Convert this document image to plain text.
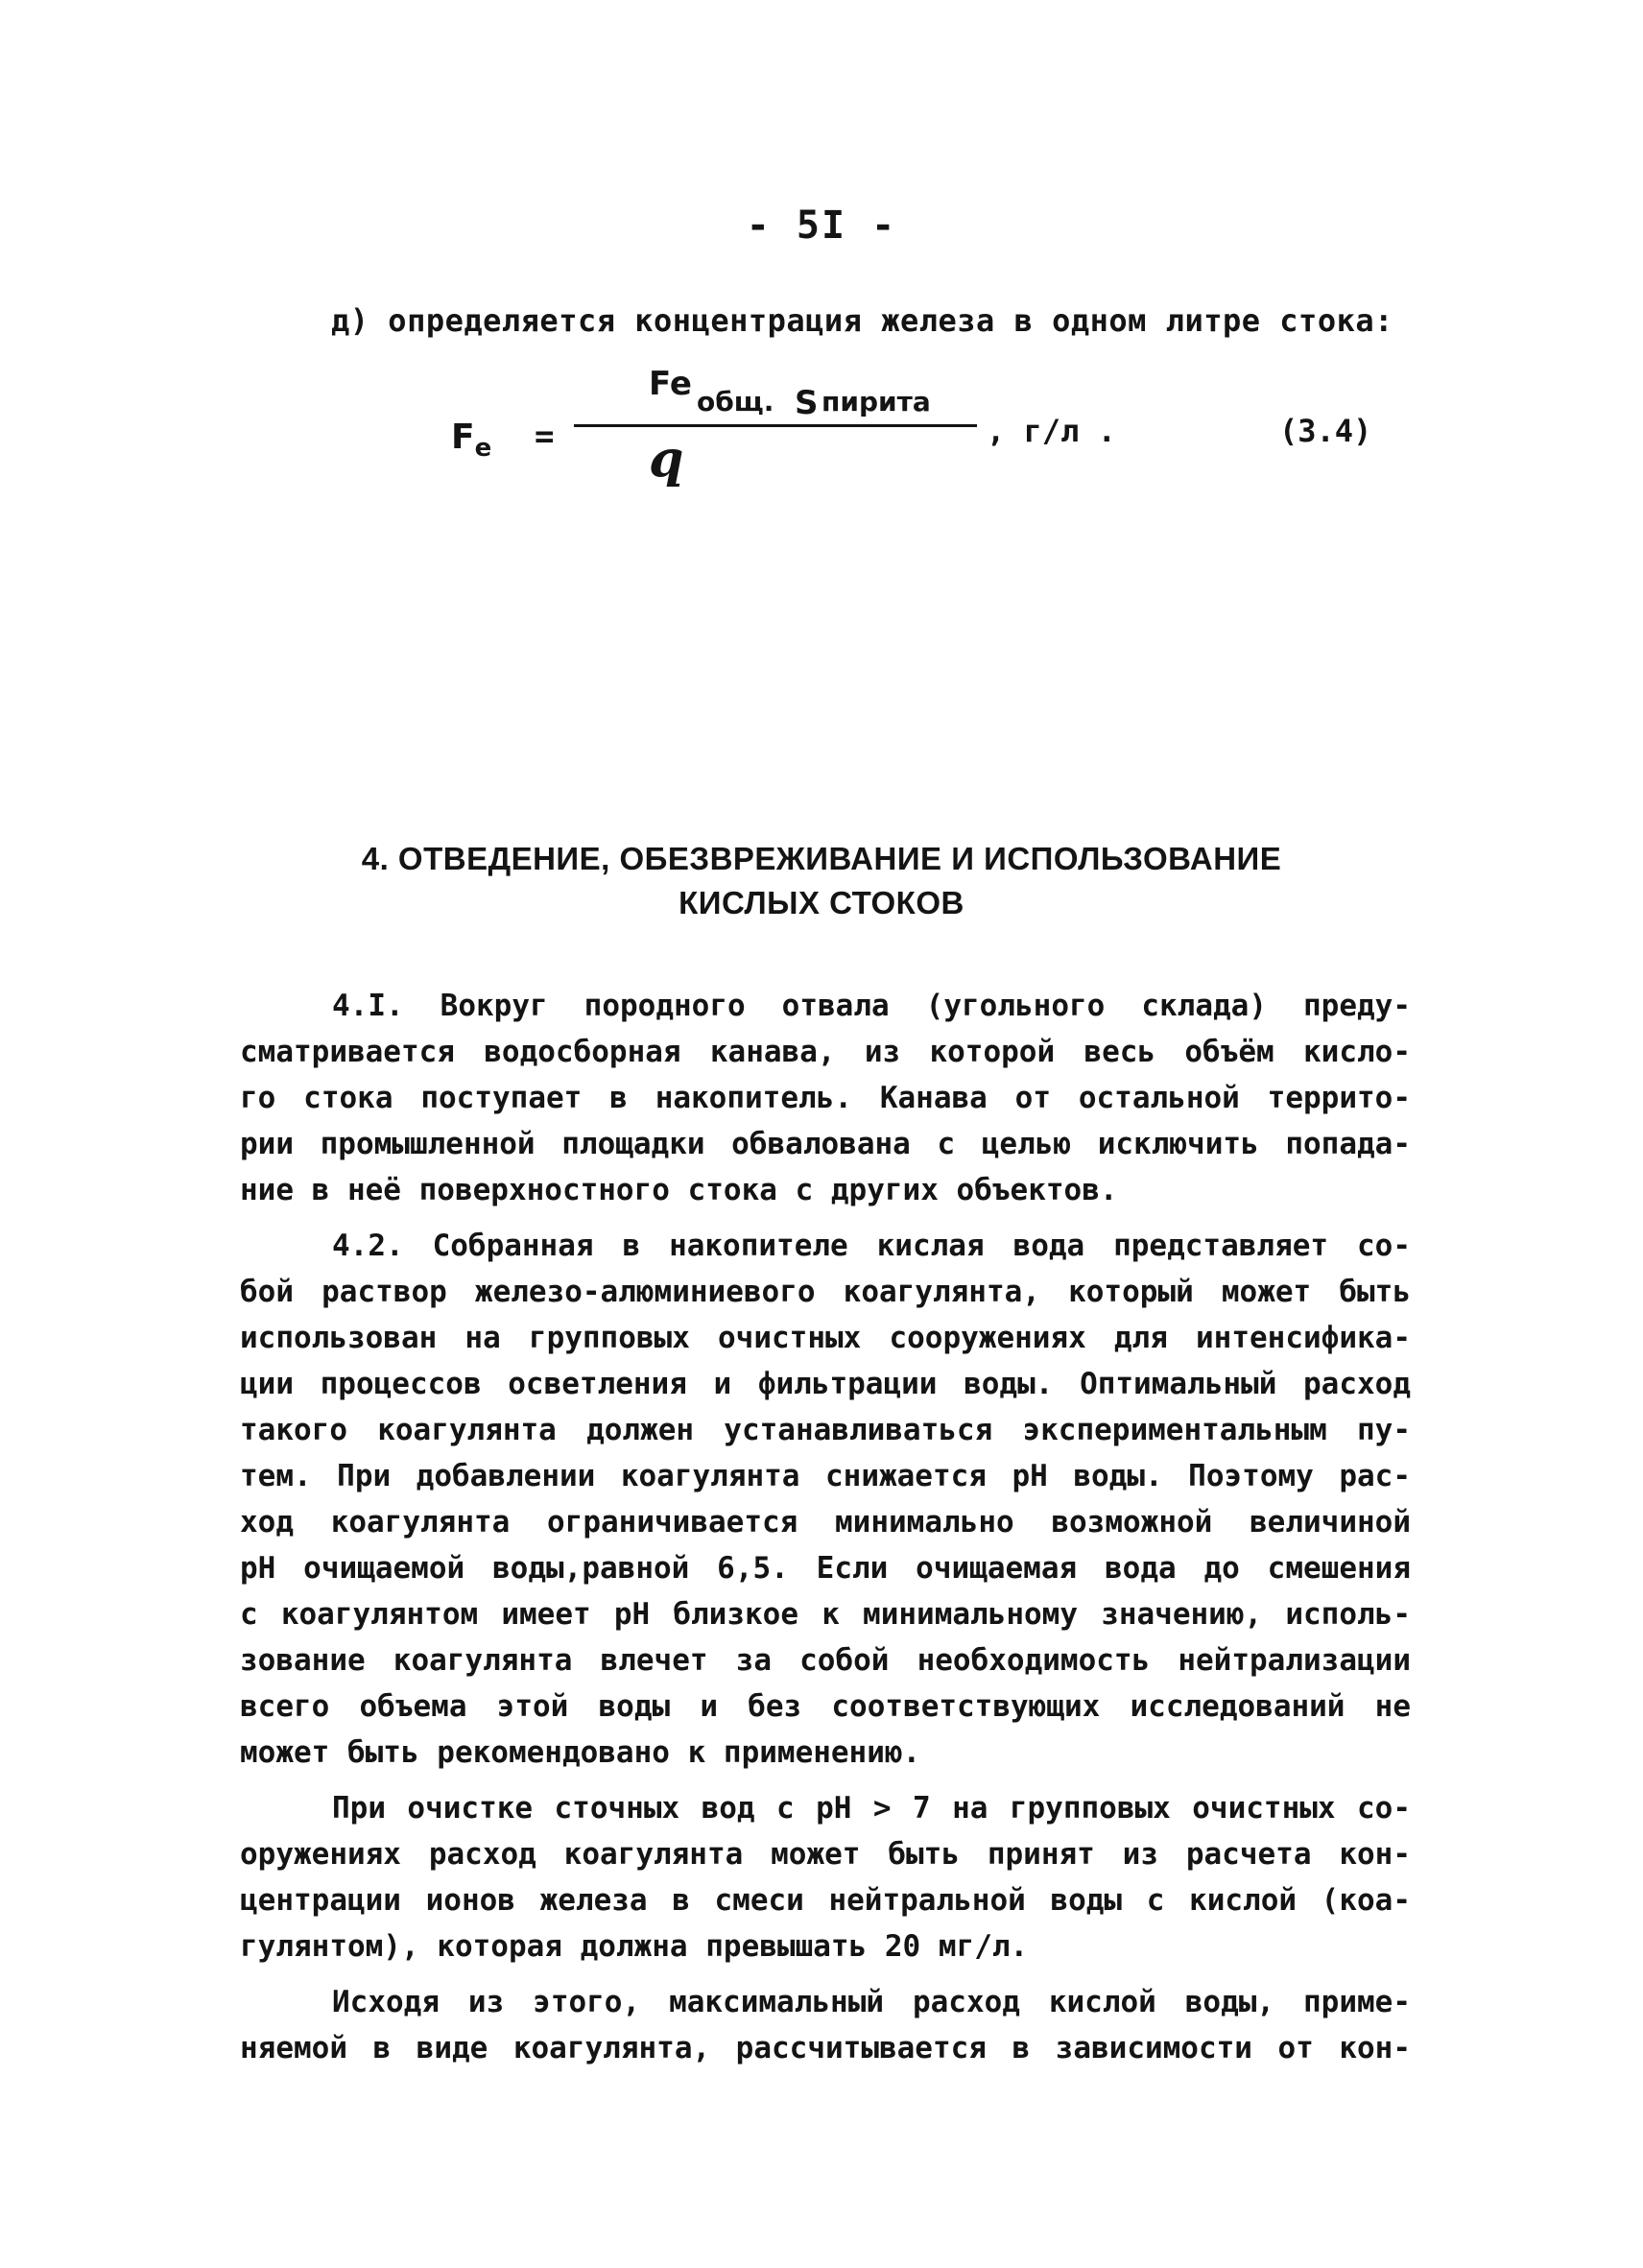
- 5I -
д) определяется концентрация железа в одном литре стока:
$F_e$ =
Fe общ. S пирита
q	, г/л .	(3.4)
4. ОТВЕДЕНИЕ, ОБЕЗВРЕЖИВАНИЕ И ИСПОЛЬЗОВАНИЕ
КИСЛЫХ СТОКОВ
4.I. Вокруг породного отвала (угольного склада) преду-
сматривается водосборная канава, из которой весь объём кисло-
го стока поступает в накопитель. Канава от остальной террито-
рии промышленной площадки обвалована с целью исключить попада-
ние в неё поверхностного стока с других объектов.
4.2. Собранная в накопителе кислая вода представляет со-
бой раствор железо-алюминиевого коагулянта, который может быть
использован на групповых очистных сооружениях для интенсифика-
ции процессов осветления и фильтрации воды. Оптимальный расход
такого коагулянта должен устанавливаться экспериментальным пу-
тем. При добавлении коагулянта снижается pH воды. Поэтому рас-
ход коагулянта ограничивается минимально возможной величиной
pH очищаемой воды,равной 6,5. Если очищаемая вода до смешения
с коагулянтом имеет pH близкое к минимальному значению, исполь-
зование коагулянта влечет за собой необходимость нейтрализации
всего объема этой воды и без соответствующих исследований не
может быть рекомендовано к применению.
При очистке сточных вод с pH > 7 на групповых очистных со-
оружениях расход коагулянта может быть принят из расчета кон-
центрации ионов железа в смеси нейтральной воды с кислой (коа-
гулянтом), которая должна превышать 20 мг/л.
Исходя из этого, максимальный расход кислой воды, приме-
няемой в виде коагулянта, рассчитывается в зависимости от кон-
